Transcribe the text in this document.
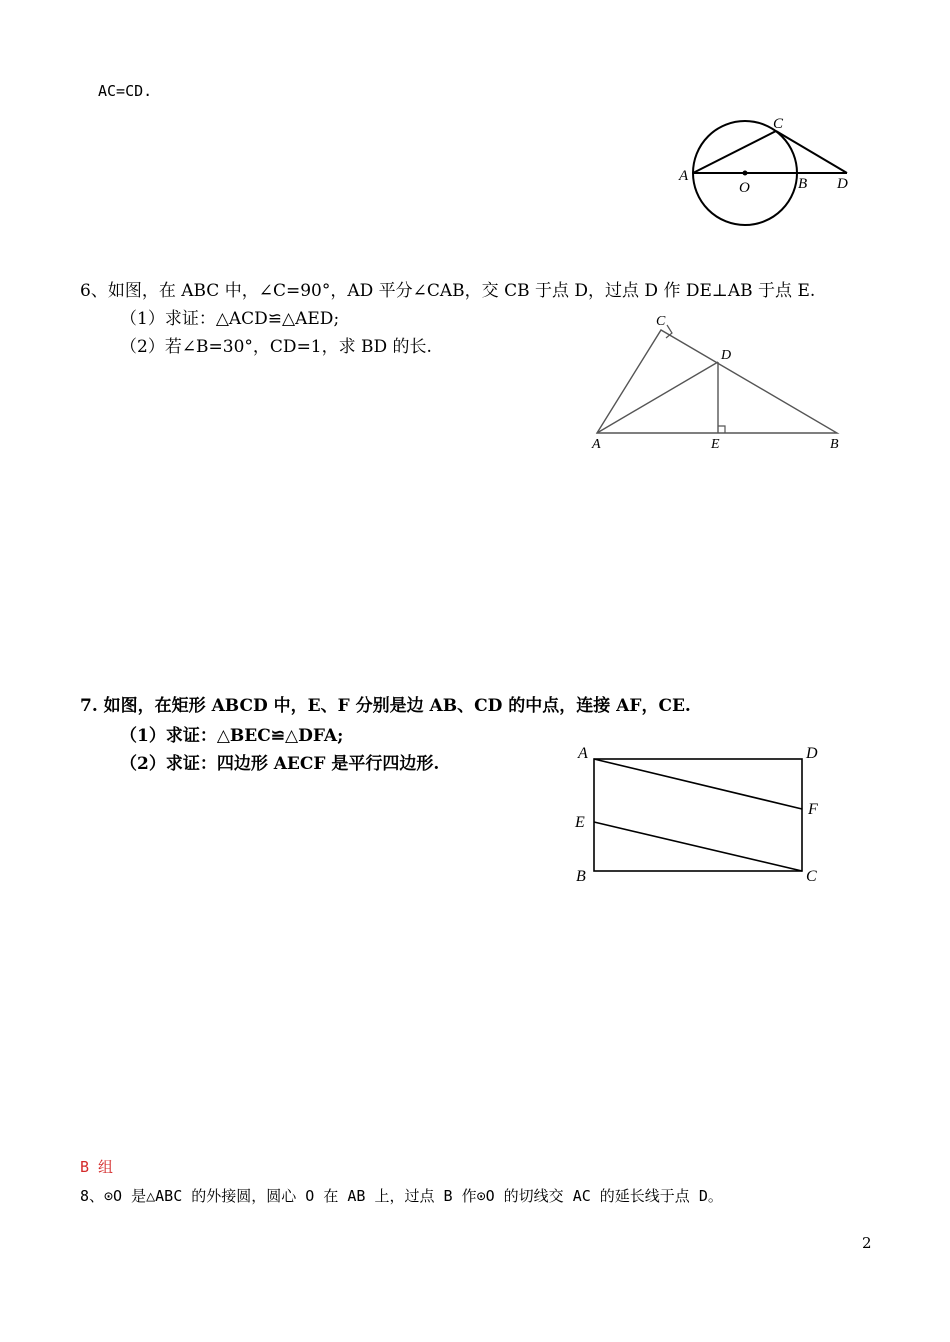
AC=CD.
A
C
O	B D
6、如图，在 ABC 中，∠C=90°，AD 平分∠CAB，交 CB 于点 D，过点 D 作 DE⊥AB 于点 E.
（1）求证：△ACD≌△AED;
（2）若∠B=30°，CD=1，求 BD 的长.
C
D
A	E	B
7. 如图，在矩形 ABCD 中，E、F 分别是边 AB、CD 的中点，连接 AF，CE.
（1）求证：△BEC≌△DFA;
（2）求证：四边形 AECF 是平行四边形.
A	D
F
E
B	C
B 组
8、⊙O 是△ABC 的外接圆，圆心 O 在 AB 上，过点 B 作⊙O 的切线交 AC 的延长线于点 D。
2
